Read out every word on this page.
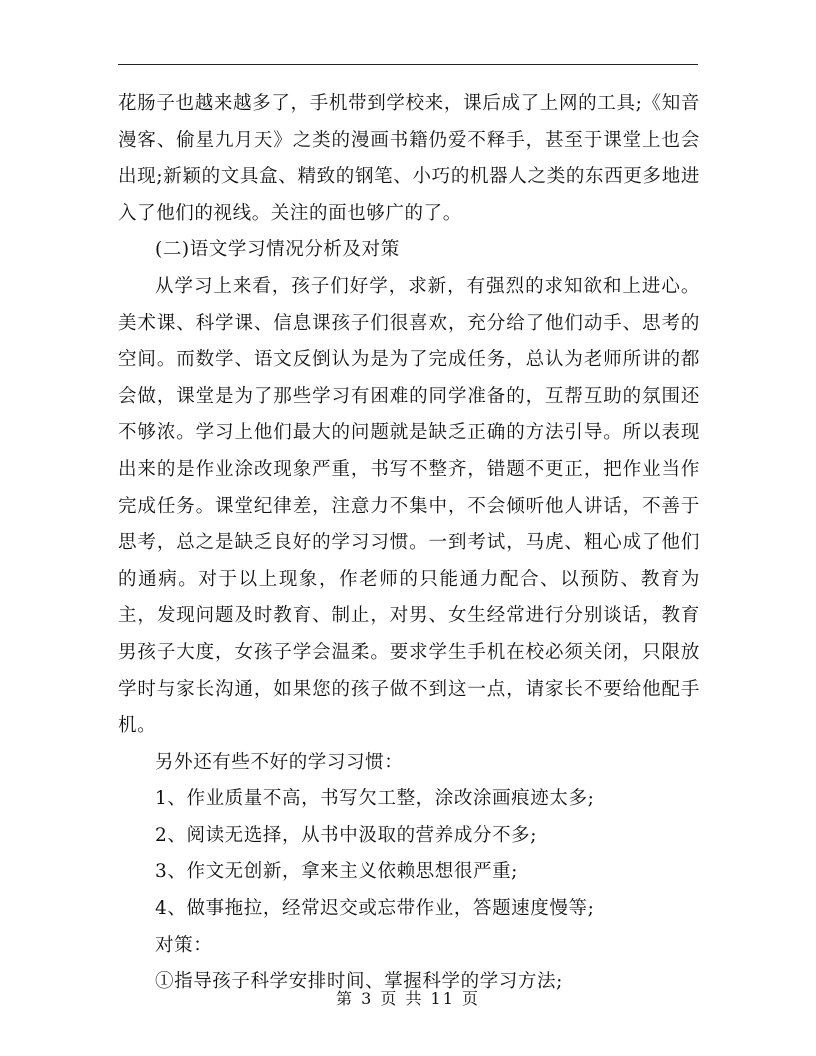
花肠子也越来越多了，手机带到学校来，课后成了上网的工具;《知音漫客、偷星九月天》之类的漫画书籍仍爱不释手，甚至于课堂上也会出现;新颖的文具盒、精致的钢笔、小巧的机器人之类的东西更多地进入了他们的视线。关注的面也够广的了。

(二)语文学习情况分析及对策

从学习上来看，孩子们好学，求新，有强烈的求知欲和上进心。美术课、科学课、信息课孩子们很喜欢，充分给了他们动手、思考的空间。而数学、语文反倒认为是为了完成任务，总认为老师所讲的都会做，课堂是为了那些学习有困难的同学准备的，互帮互助的氛围还不够浓。学习上他们最大的问题就是缺乏正确的方法引导。所以表现出来的是作业涂改现象严重，书写不整齐，错题不更正，把作业当作完成任务。课堂纪律差，注意力不集中，不会倾听他人讲话，不善于思考，总之是缺乏良好的学习习惯。一到考试，马虎、粗心成了他们的通病。对于以上现象，作老师的只能通力配合、以预防、教育为主，发现问题及时教育、制止，对男、女生经常进行分别谈话，教育男孩子大度，女孩子学会温柔。要求学生手机在校必须关闭，只限放学时与家长沟通，如果您的孩子做不到这一点，请家长不要给他配手机。

另外还有些不好的学习习惯：

1、作业质量不高，书写欠工整，涂改涂画痕迹太多;

2、阅读无选择，从书中汲取的营养成分不多;

3、作文无创新，拿来主义依赖思想很严重;

4、做事拖拉，经常迟交或忘带作业，答题速度慢等;

对策：

①指导孩子科学安排时间、掌握科学的学习方法;

第 3 页 共 11 页
